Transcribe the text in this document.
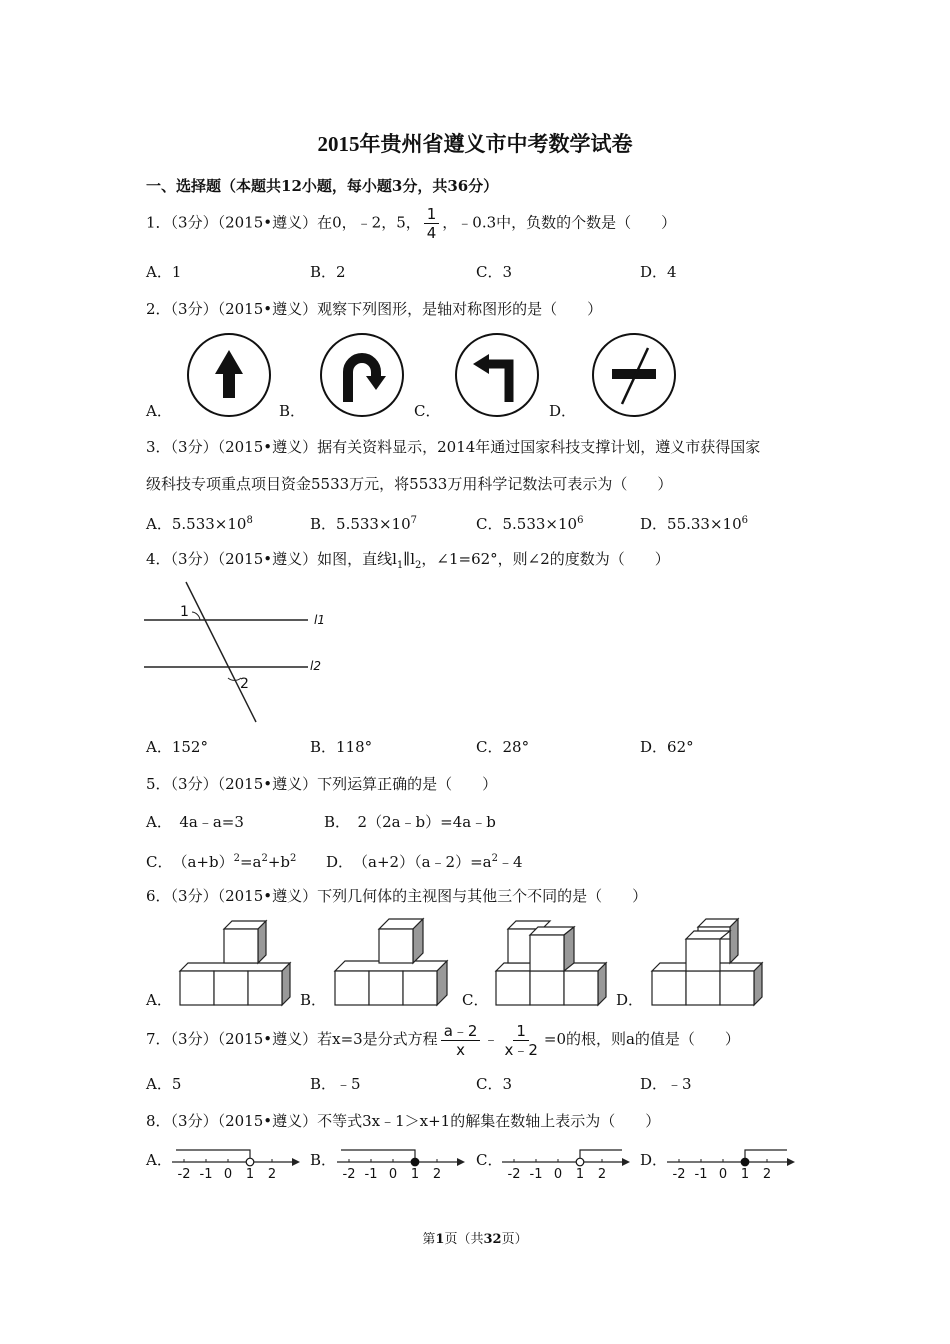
2015年贵州省遵义市中考数学试卷
一、选择题（本题共12小题，每小题3分，共36分）
1．（3分）（2015•遵义）在0，﹣2，5， $\frac{1}{4}$ ，﹣0.3中，负数的个数是（　　）
A．1	B．2	C．3	D．4
2．（3分）（2015•遵义）观察下列图形，是轴对称图形的是（　　）
A．	B．	C．	D．
3．（3分）（2015•遵义）据有关资料显示，2014年通过国家科技支撑计划，遵义市获得国家
级科技专项重点项目资金5533万元，将5533万用科学记数法可表示为（　　）
A．$5.533\times 10^8$	B．$5.533\times 10^7$	C．$5.533\times 10^6$	D．$55.33\times 10^6$
4．（3分）（2015•遵义）如图，直线$l_1\parallel l_2$，∠1=62°，则∠2的度数为（　　）
1
2
l1
l2
A．152°	B．118°	C．28°	D．62°
5．（3分）（2015•遵义）下列运算正确的是（　　）
A．　4a﹣a=3	B．　2（2a﹣b）=4a﹣b
C．　$(a+b)^2=a^2+b^2$ D．　$(a+2)(a﹣2)=a^2﹣4$
6．（3分）（2015•遵义）下列几何体的主视图与其他三个不同的是（　　）
A．	B．	C．	D．
7．（3分）（2015•遵义）若x=3是分式方程 $\frac{a﹣2}{x}$ ﹣ $\frac{1}{x﹣2} =0$的根，则a的值是（　　）
A．5	B．﹣5	C．3	D．﹣3
8．（3分）（2015•遵义）不等式3x﹣1＞x+1的解集在数轴上表示为（　　）
A．	B．	C．	D．
-2 -1 0 1 2	-2 -1 0 1 2	-2 -1 0 1 2	-2 -1 0 1 2
第1页（共32页）
